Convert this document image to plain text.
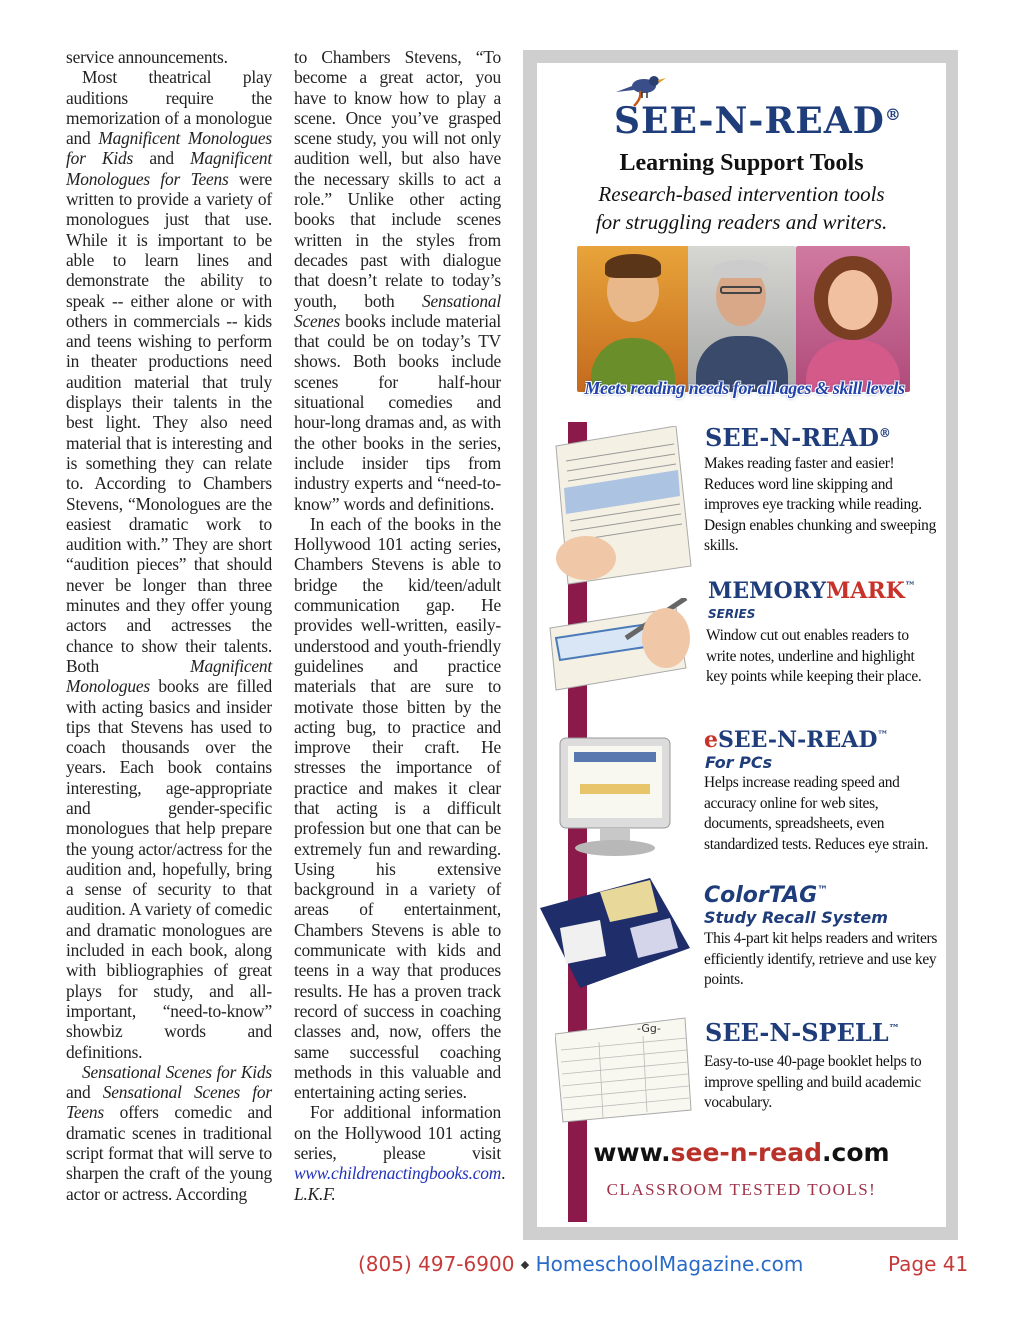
service announcements.

Most theatrical play auditions require the memorization of a monologue and Magnificent Monologues for Kids and Magnificent Monologues for Teens were written to provide a variety of monologues just that use. While it is important to be able to learn lines and demonstrate the ability to speak -- either alone or with others in commercials -- kids and teens wishing to perform in theater productions need audition material that truly displays their talents in the best light. They also need material that is interesting and is something they can relate to. According to Chambers Stevens, “Monologues are the easiest dramatic work to audition with.” They are short “audition pieces” that should never be longer than three minutes and they offer young actors and actresses the chance to show their talents. Both Magnificent Monologues books are filled with acting basics and insider tips that Stevens has used to coach thousands over the years. Each book contains interesting, age-appropriate and gender-specific monologues that help prepare the young actor/actress for the audition and, hopefully, bring a sense of security to that audition. A variety of comedic and dramatic monologues are included in each book, along with bibliographies of great plays for study, and all-important, “need-to-know” showbiz words and definitions.

Sensational Scenes for Kids and Sensational Scenes for Teens offers comedic and dramatic scenes in traditional script format that will serve to sharpen the craft of the young actor or actress. According

to Chambers Stevens, “To become a great actor, you have to know how to play a scene. Once you’ve grasped scene study, you will not only audition well, but also have the necessary skills to act a role.” Unlike other acting books that include scenes written in the styles from decades past with dialogue that doesn’t relate to today’s youth, both Sensational Scenes books include material that could be on today’s TV shows. Both books include scenes for half-hour situational comedies and hour-long dramas and, as with the other books in the series, include insider tips from industry experts and “need-to-know” words and definitions.

In each of the books in the Hollywood 101 acting series, Chambers Stevens is able to bridge the kid/teen/adult communication gap. He provides well-written, easily-understood and youth-friendly guidelines and practice materials that are sure to motivate those bitten by the acting bug, to practice and improve their craft. He stresses the importance of practice and makes it clear that acting is a difficult profession but one that can be extremely fun and rewarding. Using his extensive background in a variety of areas of entertainment, Chambers Stevens is able to communicate with kids and teens in a way that produces results. He has a proven track record of success in coaching classes and, now, offers the same successful coaching methods in this valuable and entertaining acting series.

For additional information on the Hollywood 101 acting series, please visit www.childrenactingbooks.com. L.K.F.

SEE-N-READ®
Learning Support Tools
Research-based intervention tools
for struggling readers and writers.
Meets reading needs for all ages & skill levels
-Gg-
SEE-N-READ®
Makes reading faster and easier! Reduces word line skipping and improves eye tracking while reading. Design enables chunking and sweeping skills.
MEMORYMARK™
SERIES
Window cut out enables readers to write notes, underline and highlight key points while keeping their place.
eSEE-N-READ™
For PCs
Helps increase reading speed and accuracy online for web sites, documents, spreadsheets, even standardized tests. Reduces eye strain.
ColorTAG™
Study Recall System
This 4-part kit helps readers and writers efficiently identify, retrieve and use key points.
SEE-N-SPELL™
Easy-to-use 40-page booklet helps to improve spelling and build academic vocabulary.
www.see-n-read.com
CLASSROOM TESTED TOOLS!
(805) 497-6900 ◆ HomeschoolMagazine.com	Page 41
